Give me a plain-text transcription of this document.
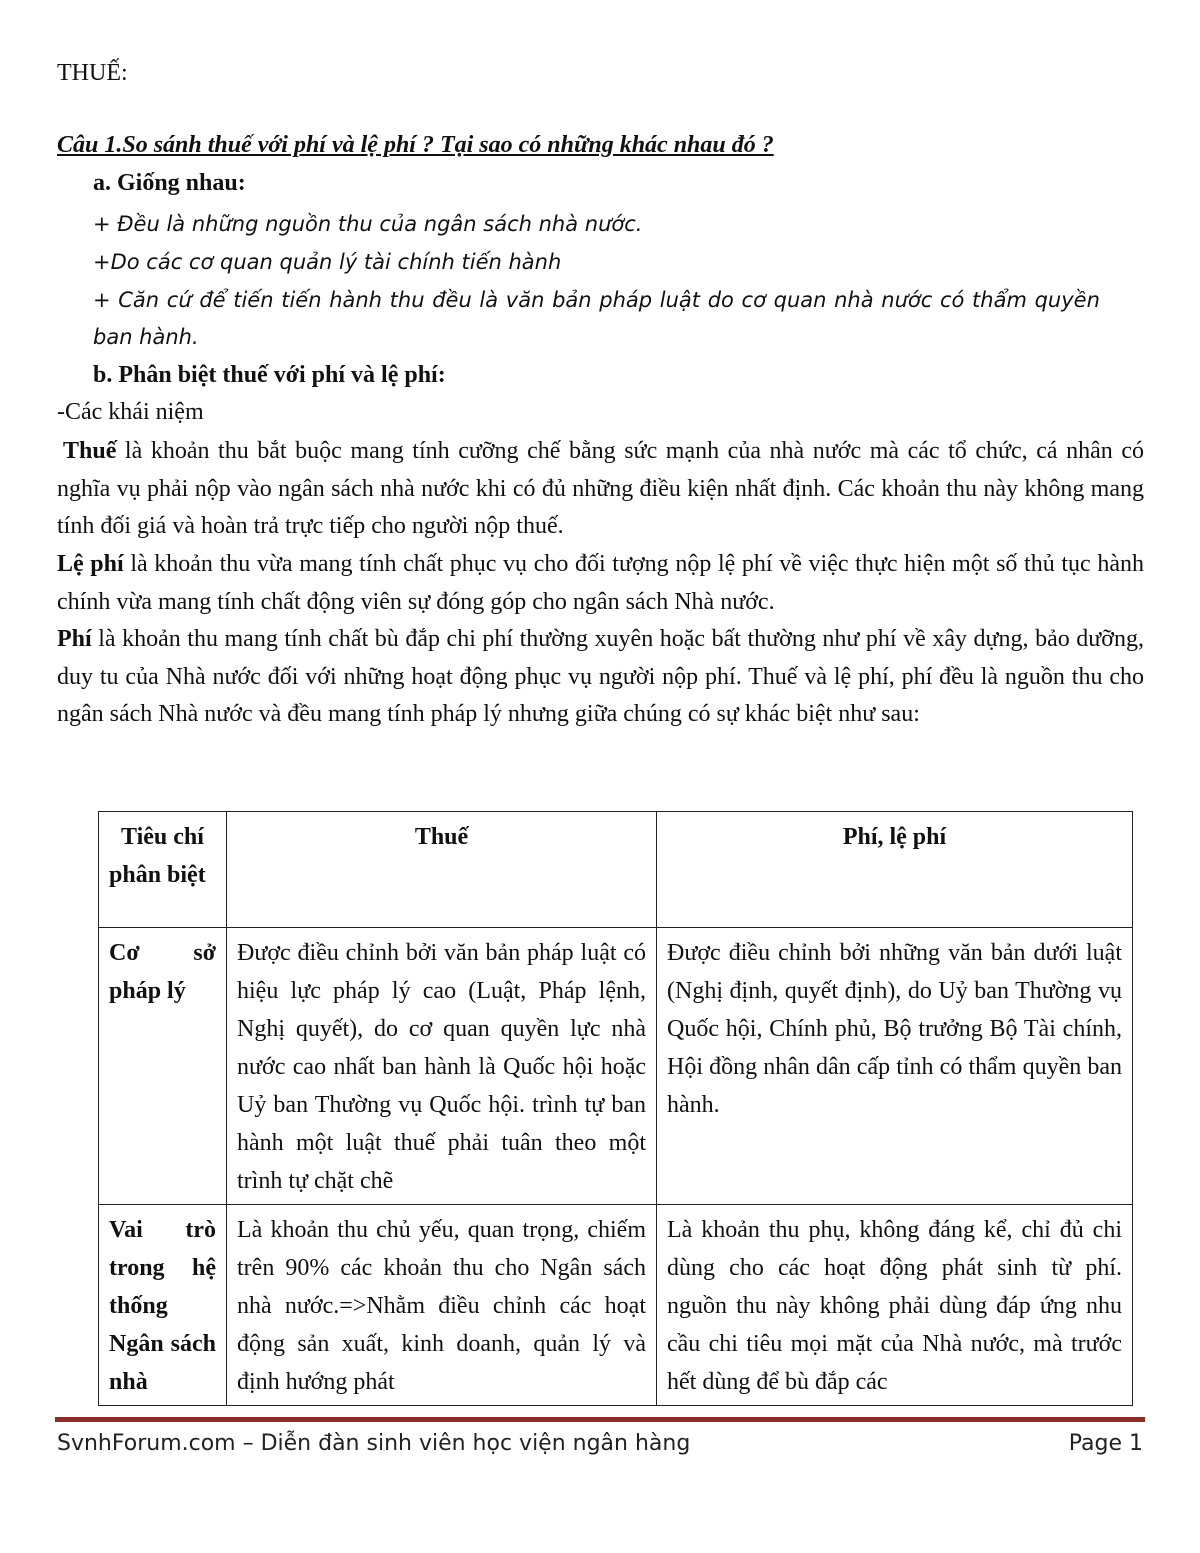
THUẾ:
Câu 1.So sánh thuế với phí và lệ phí ? Tại sao có những khác nhau đó ?
a. Giống nhau:
+ Đều là những nguồn thu của ngân sách nhà nước.
+Do các cơ quan quản lý tài chính tiến hành
+ Căn cứ để tiến tiến hành thu đều là văn bản pháp luật do cơ quan nhà nước có thẩm quyền
ban hành.
b. Phân biệt thuế với phí và lệ phí:
-Các khái niệm
Thuế là khoản thu bắt buộc mang tính cưỡng chế bằng sức mạnh của nhà nước mà các tổ chức, cá nhân có nghĩa vụ phải nộp vào ngân sách nhà nước khi có đủ những điều kiện nhất định. Các khoản thu này không mang tính đối giá và hoàn trả trực tiếp cho người nộp thuế.
Lệ phí là khoản thu vừa mang tính chất phục vụ cho đối tượng nộp lệ phí về việc thực hiện một số thủ tục hành chính vừa mang tính chất động viên sự đóng góp cho ngân sách Nhà nước.
Phí là khoản thu mang tính chất bù đắp chi phí thường xuyên hoặc bất thường như phí về xây dựng, bảo dưỡng, duy tu của Nhà nước đối với những hoạt động phục vụ người nộp phí. Thuế và lệ phí, phí đều là nguồn thu cho ngân sách Nhà nước và đều mang tính pháp lý nhưng giữa chúng có sự khác biệt như sau:
Tiêu chí phân biệt	Thuế	Phí, lệ phí
Cơ sở pháp lý	Được điều chỉnh bởi văn bản pháp luật có hiệu lực pháp lý cao (Luật, Pháp lệnh, Nghị quyết), do cơ quan quyền lực nhà nước cao nhất ban hành là Quốc hội hoặc Uỷ ban Thường vụ Quốc hội. trình tự ban hành một luật thuế phải tuân theo một trình tự chặt chẽ	Được điều chỉnh bởi những văn bản dưới luật (Nghị định, quyết định), do Uỷ ban Thường vụ Quốc hội, Chính phủ, Bộ trưởng Bộ Tài chính, Hội đồng nhân dân cấp tỉnh có thẩm quyền ban hành.
Vai trò trong hệ thống Ngân sách nhà	Là khoản thu chủ yếu, quan trọng, chiếm trên 90% các khoản thu cho Ngân sách nhà nước.=>Nhằm điều chỉnh các hoạt động sản xuất, kinh doanh, quản lý và định hướng phát	Là khoản thu phụ, không đáng kể, chỉ đủ chi dùng cho các hoạt động phát sinh từ phí. nguồn thu này không phải dùng đáp ứng nhu cầu chi tiêu mọi mặt của Nhà nước, mà trước hết dùng để bù đắp các
SvnhForum.com – Diễn đàn sinh viên học viện ngân hàng	Page 1
